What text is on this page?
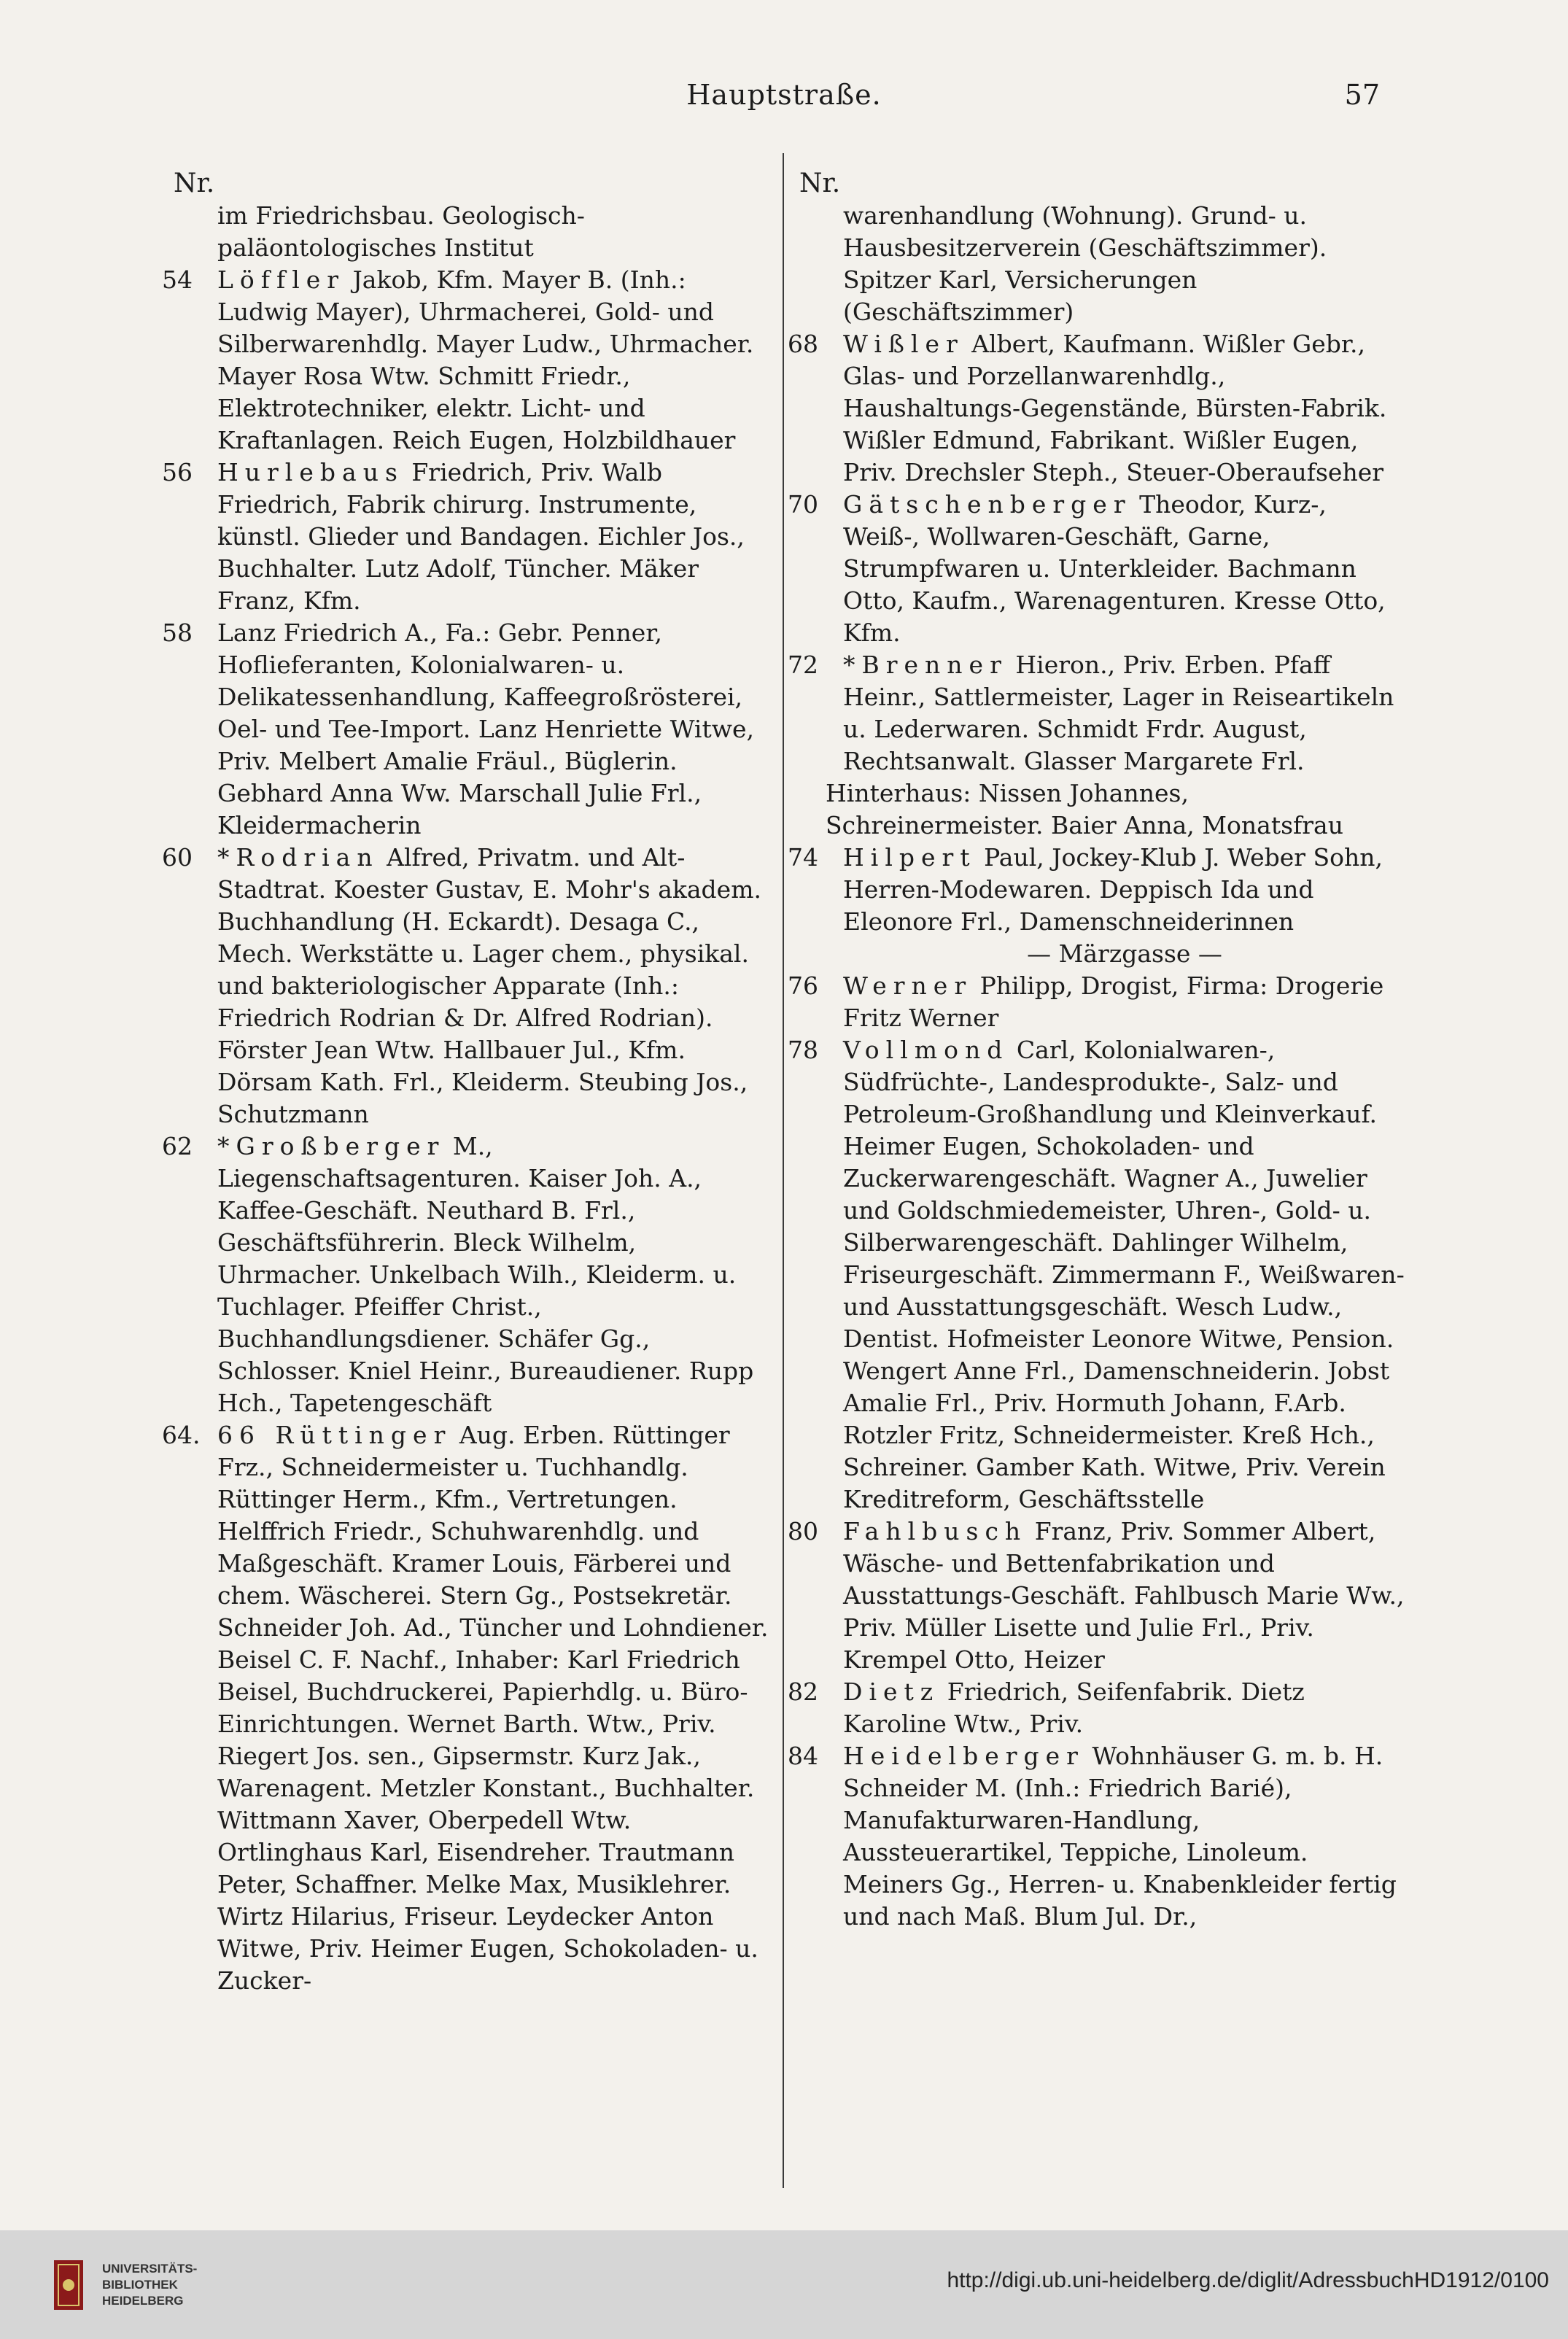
Hauptstraße.	57
Nr.
im Friedrichsbau. Geologisch-paläontologisches Institut

54	Löffler Jakob, Kfm. Mayer B. (Inh.: Ludwig Mayer), Uhrmacherei, Gold- und Silberwarenhdlg. Mayer Ludw., Uhrmacher. Mayer Rosa Wtw. Schmitt Friedr., Elektrotechniker, elektr. Licht- und Kraftanlagen. Reich Eugen, Holzbildhauer

56	Hurlebaus Friedrich, Priv. Walb Friedrich, Fabrik chirurg. Instrumente, künstl. Glieder und Bandagen. Eichler Jos., Buchhalter. Lutz Adolf, Tüncher. Mäker Franz, Kfm.

58	Lanz Friedrich A., Fa.: Gebr. Penner, Hoflieferanten, Kolonialwaren- u. Delikatessenhandlung, Kaffeegroßrösterei, Oel- und Tee-Import. Lanz Henriette Witwe, Priv. Melbert Amalie Fräul., Büglerin. Gebhard Anna Ww. Marschall Julie Frl., Kleidermacherin

60	*Rodrian Alfred, Privatm. und Alt-Stadtrat. Koester Gustav, E. Mohr's akadem. Buchhandlung (H. Eckardt). Desaga C., Mech. Werkstätte u. Lager chem., physikal. und bakteriologischer Apparate (Inh.: Friedrich Rodrian & Dr. Alfred Rodrian). Förster Jean Wtw. Hallbauer Jul., Kfm. Dörsam Kath. Frl., Kleiderm. Steubing Jos., Schutzmann

62	*Großberger M., Liegenschaftsagenturen. Kaiser Joh. A., Kaffee-Geschäft. Neuthard B. Frl., Geschäftsführerin. Bleck Wilhelm, Uhrmacher. Unkelbach Wilh., Kleiderm. u. Tuchlager. Pfeiffer Christ., Buchhandlungsdiener. Schäfer Gg., Schlosser. Kniel Heinr., Bureaudiener. Rupp Hch., Tapetengeschäft

64. 66 Rüttinger Aug. Erben. Rüttinger Frz., Schneidermeister u. Tuchhandlg. Rüttinger Herm., Kfm., Vertretungen. Helffrich Friedr., Schuhwarenhdlg. und Maßgeschäft. Kramer Louis, Färberei und chem. Wäscherei. Stern Gg., Postsekretär. Schneider Joh. Ad., Tüncher und Lohndiener. Beisel C. F. Nachf., Inhaber: Karl Friedrich Beisel, Buchdruckerei, Papierhdlg. u. Büro-Einrichtungen. Wernet Barth. Wtw., Priv. Riegert Jos. sen., Gipsermstr. Kurz Jak., Warenagent. Metzler Konstant., Buchhalter. Wittmann Xaver, Oberpedell Wtw. Ortlinghaus Karl, Eisendreher. Trautmann Peter, Schaffner. Melke Max, Musiklehrer. Wirtz Hilarius, Friseur. Leydecker Anton Witwe, Priv. Heimer Eugen, Schokoladen- u. Zucker-

Nr.
warenhandlung (Wohnung). Grund- u. Hausbesitzerverein (Geschäftszimmer). Spitzer Karl, Versicherungen (Geschäftszimmer)

68	Wißler Albert, Kaufmann. Wißler Gebr., Glas- und Porzellanwarenhdlg., Haushaltungs-Gegenstände, Bürsten-Fabrik. Wißler Edmund, Fabrikant. Wißler Eugen, Priv. Drechsler Steph., Steuer-Oberaufseher

70	Gätschenberger Theodor, Kurz-, Weiß-, Wollwaren-Geschäft, Garne, Strumpfwaren u. Unterkleider. Bachmann Otto, Kaufm., Warenagenturen. Kresse Otto, Kfm.

72	*Brenner Hieron., Priv. Erben. Pfaff Heinr., Sattlermeister, Lager in Reiseartikeln u. Lederwaren. Schmidt Frdr. August, Rechtsanwalt. Glasser Margarete Frl.

Hinterhaus: Nissen Johannes, Schreinermeister. Baier Anna, Monatsfrau

74	Hilpert Paul, Jockey-Klub J. Weber Sohn, Herren-Modewaren. Deppisch Ida und Eleonore Frl., Damenschneiderinnen

— Märzgasse —

76	Werner Philipp, Drogist, Firma: Drogerie Fritz Werner

78	Vollmond Carl, Kolonialwaren-, Südfrüchte-, Landesprodukte-, Salz- und Petroleum-Großhandlung und Kleinverkauf. Heimer Eugen, Schokoladen- und Zuckerwarengeschäft. Wagner A., Juwelier und Goldschmiedemeister, Uhren-, Gold- u. Silberwarengeschäft. Dahlinger Wilhelm, Friseurgeschäft. Zimmermann F., Weißwaren- und Ausstattungsgeschäft. Wesch Ludw., Dentist. Hofmeister Leonore Witwe, Pension. Wengert Anne Frl., Damenschneiderin. Jobst Amalie Frl., Priv. Hormuth Johann, F.Arb. Rotzler Fritz, Schneidermeister. Kreß Hch., Schreiner. Gamber Kath. Witwe, Priv. Verein Kreditreform, Geschäftsstelle

80	Fahlbusch Franz, Priv. Sommer Albert, Wäsche- und Bettenfabrikation und Ausstattungs-Geschäft. Fahlbusch Marie Ww., Priv. Müller Lisette und Julie Frl., Priv. Krempel Otto, Heizer

82	Dietz Friedrich, Seifenfabrik. Dietz Karoline Wtw., Priv.

84	Heidelberger Wohnhäuser G. m. b. H. Schneider M. (Inh.: Friedrich Barié), Manufakturwaren-Handlung, Aussteuerartikel, Teppiche, Linoleum. Meiners Gg., Herren- u. Knabenkleider fertig und nach Maß. Blum Jul. Dr.,

UNIVERSITÄTS-
BIBLIOTHEK
HEIDELBERG
http://digi.ub.uni-heidelberg.de/diglit/AdressbuchHD1912/0100
